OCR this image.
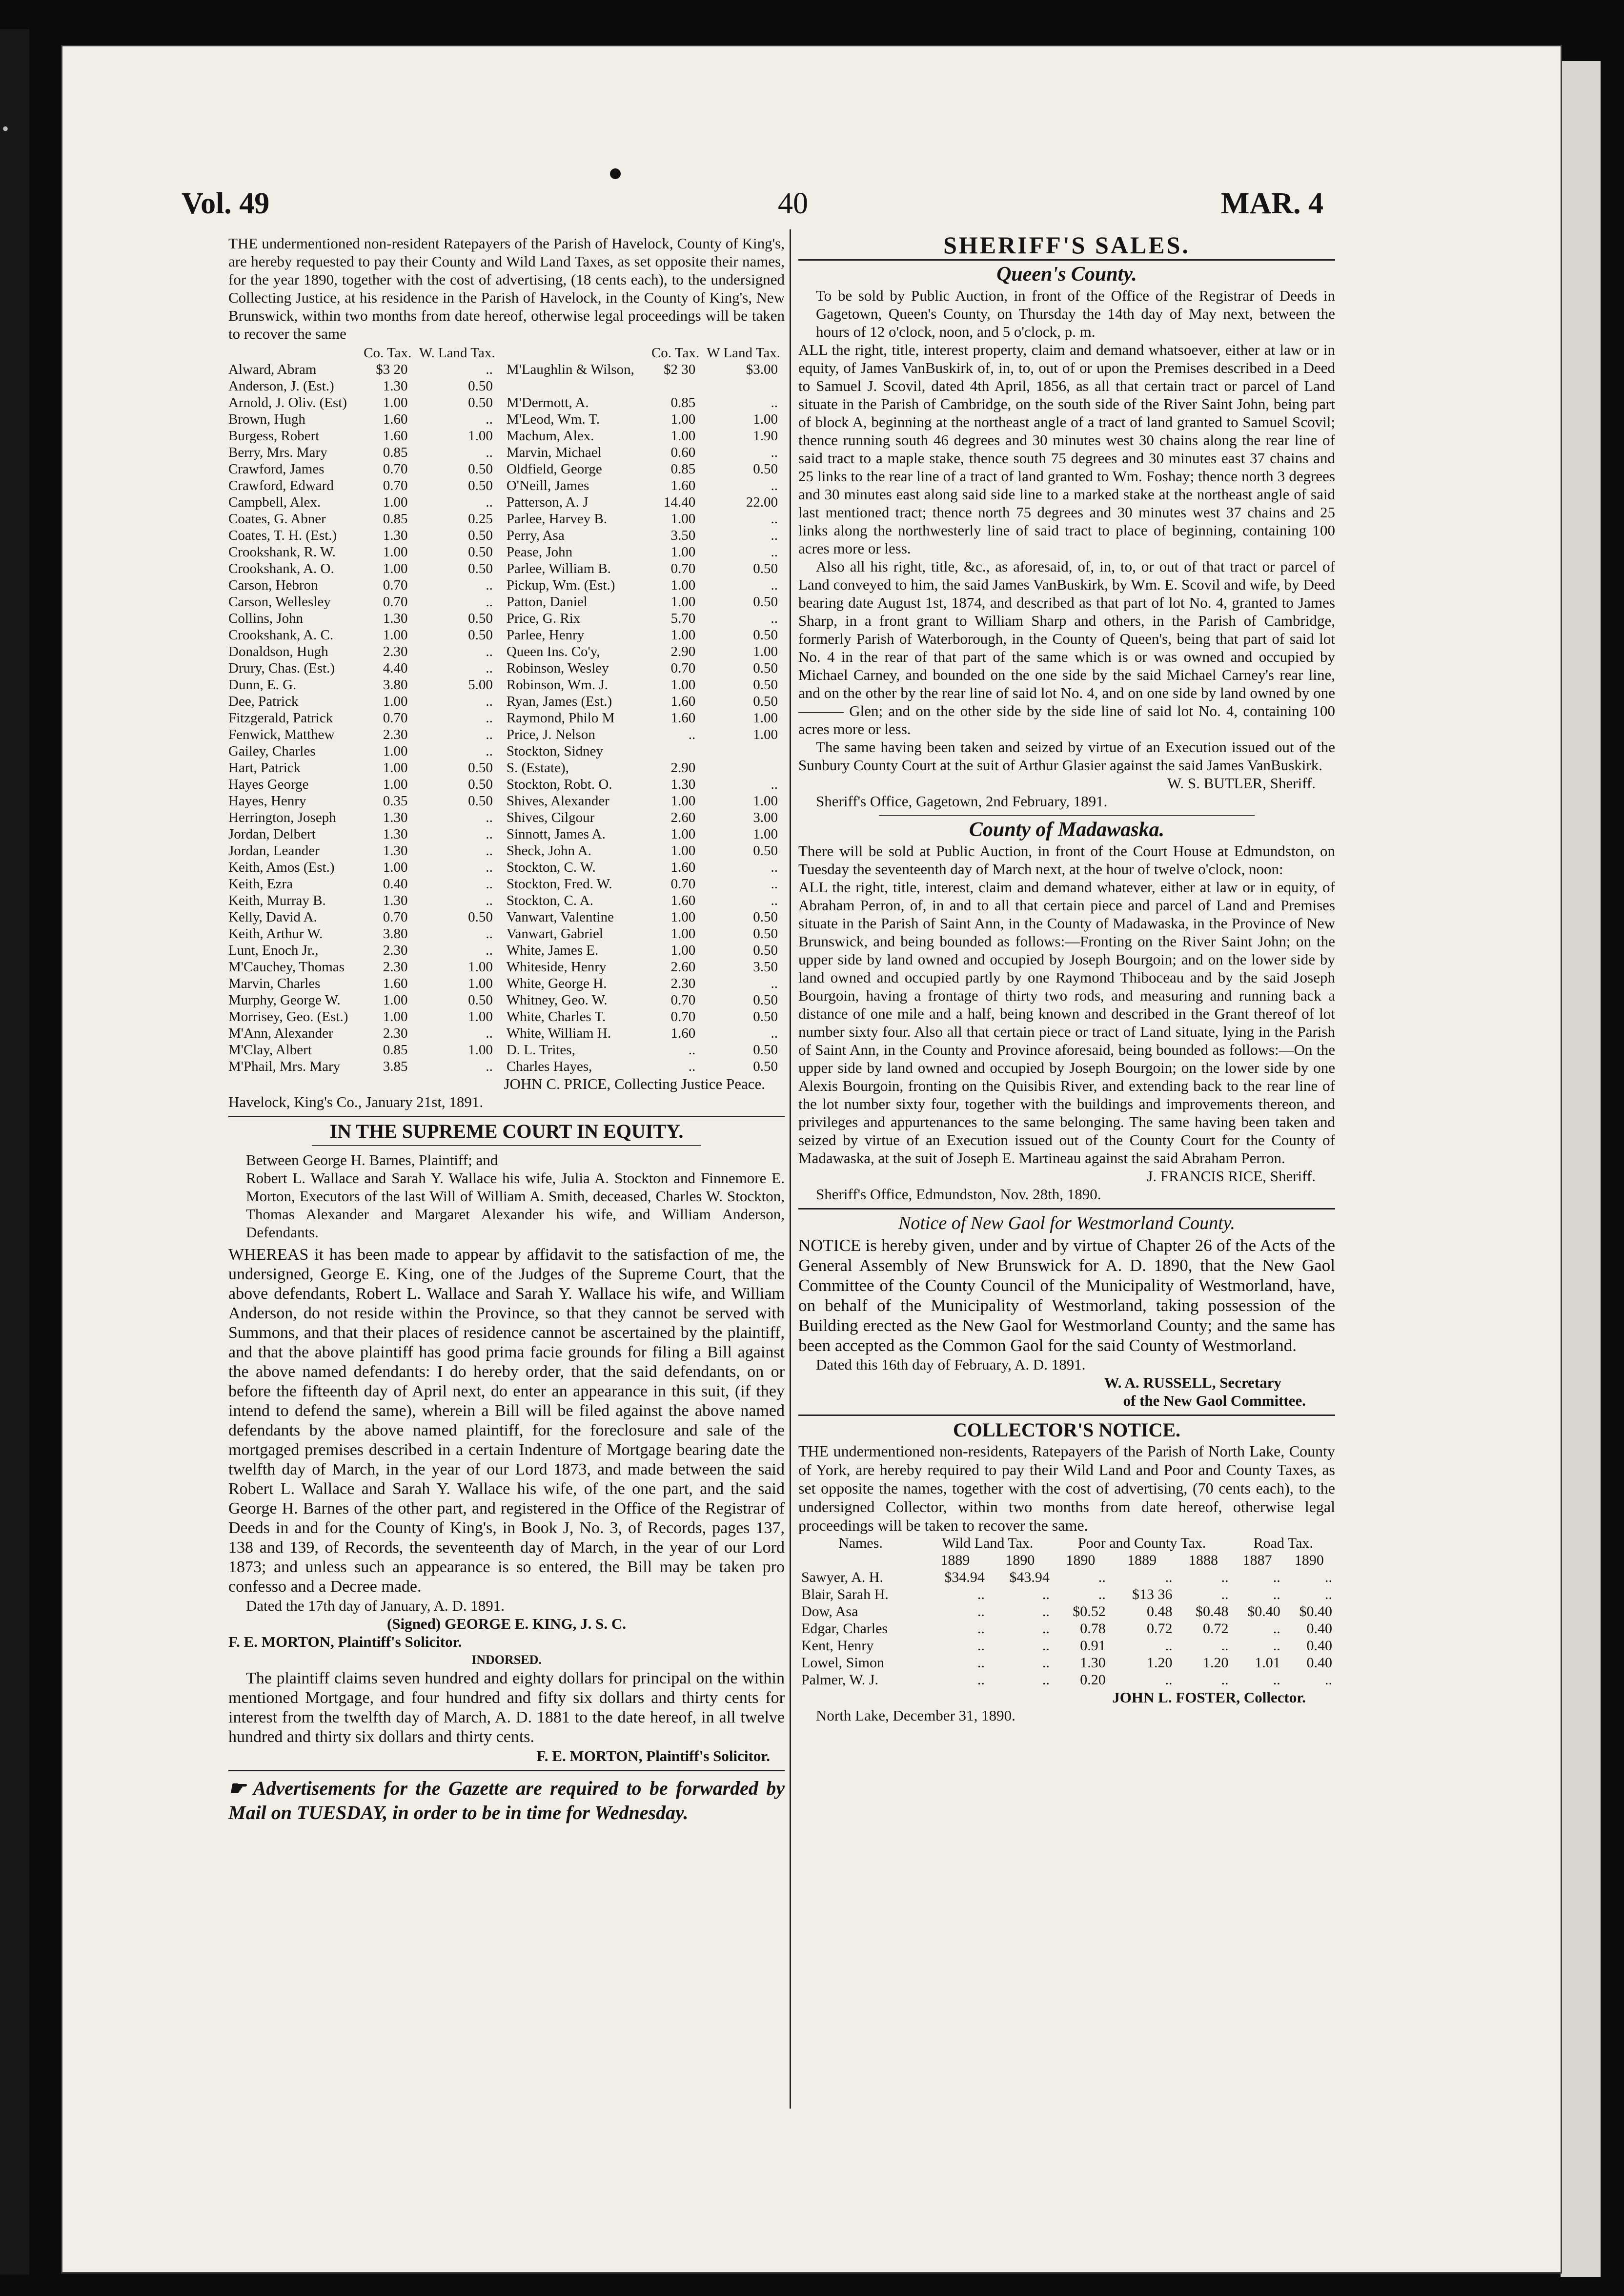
•
Vol. 49	40	MAR. 4

THE undermentioned non-resident Ratepayers of the Parish of Havelock, County of King's, are hereby requested to pay their County and Wild Land Taxes, as set opposite their names, for the year 1890, together with the cost of advertising, (18 cents each), to the undersigned Collecting Justice, at his residence in the Parish of Havelock, in the County of King's, New Brunswick, within two months from date hereof, otherwise legal proceedings will be taken to recover the same

	Co. Tax.	W. Land Tax.		Co. Tax.	W Land Tax.
Alward, Abram	$3 20	..	M'Laughlin & Wilson,	$2 30	$3.00
Anderson, J. (Est.)	1.30	0.50			
Arnold, J. Oliv. (Est)	1.00	0.50	M'Dermott, A.	0.85	..
Brown, Hugh	1.60	..	M'Leod, Wm. T.	1.00	1.00
Burgess, Robert	1.60	1.00	Machum, Alex.	1.00	1.90
Berry, Mrs. Mary	0.85	..	Marvin, Michael	0.60	..
Crawford, James	0.70	0.50	Oldfield, George	0.85	0.50
Crawford, Edward	0.70	0.50	O'Neill, James	1.60	..
Campbell, Alex.	1.00	..	Patterson, A. J	14.40	22.00
Coates, G. Abner	0.85	0.25	Parlee, Harvey B.	1.00	..
Coates, T. H. (Est.)	1.30	0.50	Perry, Asa	3.50	..
Crookshank, R. W.	1.00	0.50	Pease, John	1.00	..
Crookshank, A. O.	1.00	0.50	Parlee, William B.	0.70	0.50
Carson, Hebron	0.70	..	Pickup, Wm. (Est.)	1.00	..
Carson, Wellesley	0.70	..	Patton, Daniel	1.00	0.50
Collins, John	1.30	0.50	Price, G. Rix	5.70	..
Crookshank, A. C.	1.00	0.50	Parlee, Henry	1.00	0.50
Donaldson, Hugh	2.30	..	Queen Ins. Co'y,	2.90	1.00
Drury, Chas. (Est.)	4.40	..	Robinson, Wesley	0.70	0.50
Dunn, E. G.	3.80	5.00	Robinson, Wm. J.	1.00	0.50
Dee, Patrick	1.00	..	Ryan, James (Est.)	1.60	0.50
Fitzgerald, Patrick	0.70	..	Raymond, Philo M	1.60	1.00
Fenwick, Matthew	2.30	..	Price, J. Nelson	..	1.00
Gailey, Charles	1.00	..	Stockton, Sidney		
Hart, Patrick	1.00	0.50	S. (Estate),	2.90	
Hayes George	1.00	0.50	Stockton, Robt. O.	1.30	..
Hayes, Henry	0.35	0.50	Shives, Alexander	1.00	1.00
Herrington, Joseph	1.30	..	Shives, Cilgour	2.60	3.00
Jordan, Delbert	1.30	..	Sinnott, James A.	1.00	1.00
Jordan, Leander	1.30	..	Sheck, John A.	1.00	0.50
Keith, Amos (Est.)	1.00	..	Stockton, C. W.	1.60	..
Keith, Ezra	0.40	..	Stockton, Fred. W.	0.70	..
Keith, Murray B.	1.30	..	Stockton, C. A.	1.60	..
Kelly, David A.	0.70	0.50	Vanwart, Valentine	1.00	0.50
Keith, Arthur W.	3.80	..	Vanwart, Gabriel	1.00	0.50
Lunt, Enoch Jr.,	2.30	..	White, James E.	1.00	0.50
M'Cauchey, Thomas	2.30	1.00	Whiteside, Henry	2.60	3.50
Marvin, Charles	1.60	1.00	White, George H.	2.30	..
Murphy, George W.	1.00	0.50	Whitney, Geo. W.	0.70	0.50
Morrisey, Geo. (Est.)	1.00	1.00	White, Charles T.	0.70	0.50
M'Ann, Alexander	2.30	..	White, William H.	1.60	..
M'Clay, Albert	0.85	1.00	D. L. Trites,	..	0.50
M'Phail, Mrs. Mary	3.85	..	Charles Hayes,	..	0.50

JOHN C. PRICE, Collecting Justice Peace.

Havelock, King's Co., January 21st, 1891.

IN THE SUPREME COURT IN EQUITY.

Between George H. Barnes, Plaintiff; and

Robert L. Wallace and Sarah Y. Wallace his wife, Julia A. Stockton and Finnemore E. Morton, Executors of the last Will of William A. Smith, deceased, Charles W. Stockton, Thomas Alexander and Margaret Alexander his wife, and William Anderson, Defendants.

WHEREAS it has been made to appear by affidavit to the satisfaction of me, the undersigned, George E. King, one of the Judges of the Supreme Court, that the above defendants, Robert L. Wallace and Sarah Y. Wallace his wife, and William Anderson, do not reside within the Province, so that they cannot be served with Summons, and that their places of residence cannot be ascertained by the plaintiff, and that the above plaintiff has good prima facie grounds for filing a Bill against the above named defendants: I do hereby order, that the said defendants, on or before the fifteenth day of April next, do enter an appearance in this suit, (if they intend to defend the same), wherein a Bill will be filed against the above named defendants by the above named plaintiff, for the foreclosure and sale of the mortgaged premises described in a certain Indenture of Mortgage bearing date the twelfth day of March, in the year of our Lord 1873, and made between the said Robert L. Wallace and Sarah Y. Wallace his wife, of the one part, and the said George H. Barnes of the other part, and registered in the Office of the Registrar of Deeds in and for the County of King's, in Book J, No. 3, of Records, pages 137, 138 and 139, of Records, the seventeenth day of March, in the year of our Lord 1873; and unless such an appearance is so entered, the Bill may be taken pro confesso and a Decree made.

Dated the 17th day of January, A. D. 1891.

(Signed) GEORGE E. KING, J. S. C.

F. E. MORTON, Plaintiff's Solicitor.

INDORSED.

The plaintiff claims seven hundred and eighty dollars for principal on the within mentioned Mortgage, and four hundred and fifty six dollars and thirty cents for interest from the twelfth day of March, A. D. 1881 to the date hereof, in all twelve hundred and thirty six dollars and thirty cents.

F. E. MORTON, Plaintiff's Solicitor.

☛ Advertisements for the Gazette are required to be forwarded by Mail on TUESDAY, in order to be in time for Wednesday.

SHERIFF'S SALES.
Queen's County.

To be sold by Public Auction, in front of the Office of the Registrar of Deeds in Gagetown, Queen's County, on Thursday the 14th day of May next, between the hours of 12 o'clock, noon, and 5 o'clock, p. m.

ALL the right, title, interest property, claim and demand whatsoever, either at law or in equity, of James VanBuskirk of, in, to, out of or upon the Premises described in a Deed to Samuel J. Scovil, dated 4th April, 1856, as all that certain tract or parcel of Land situate in the Parish of Cambridge, on the south side of the River Saint John, being part of block A, beginning at the northeast angle of a tract of land granted to Samuel Scovil; thence running south 46 degrees and 30 minutes west 30 chains along the rear line of said tract to a maple stake, thence south 75 degrees and 30 minutes east 37 chains and 25 links to the rear line of a tract of land granted to Wm. Foshay; thence north 3 degrees and 30 minutes east along said side line to a marked stake at the northeast angle of said last mentioned tract; thence north 75 degrees and 30 minutes west 37 chains and 25 links along the northwesterly line of said tract to place of beginning, containing 100 acres more or less.

Also all his right, title, &c., as aforesaid, of, in, to, or out of that tract or parcel of Land conveyed to him, the said James VanBuskirk, by Wm. E. Scovil and wife, by Deed bearing date August 1st, 1874, and described as that part of lot No. 4, granted to James Sharp, in a front grant to William Sharp and others, in the Parish of Cambridge, formerly Parish of Waterborough, in the County of Queen's, being that part of said lot No. 4 in the rear of that part of the same which is or was owned and occupied by Michael Carney, and bounded on the one side by the said Michael Carney's rear line, and on the other by the rear line of said lot No. 4, and on one side by land owned by one ——— Glen; and on the other side by the side line of said lot No. 4, containing 100 acres more or less.

The same having been taken and seized by virtue of an Execution issued out of the Sunbury County Court at the suit of Arthur Glasier against the said James VanBuskirk.

W. S. BUTLER, Sheriff.

Sheriff's Office, Gagetown, 2nd February, 1891.

County of Madawaska.

There will be sold at Public Auction, in front of the Court House at Edmundston, on Tuesday the seventeenth day of March next, at the hour of twelve o'clock, noon:

ALL the right, title, interest, claim and demand whatever, either at law or in equity, of Abraham Perron, of, in and to all that certain piece and parcel of Land and Premises situate in the Parish of Saint Ann, in the County of Madawaska, in the Province of New Brunswick, and being bounded as follows:—Fronting on the River Saint John; on the upper side by land owned and occupied by Joseph Bourgoin; and on the lower side by land owned and occupied partly by one Raymond Thiboceau and by the said Joseph Bourgoin, having a frontage of thirty two rods, and measuring and running back a distance of one mile and a half, being known and described in the Grant thereof of lot number sixty four. Also all that certain piece or tract of Land situate, lying in the Parish of Saint Ann, in the County and Province aforesaid, being bounded as follows:—On the upper side by land owned and occupied by Joseph Bourgoin; on the lower side by one Alexis Bourgoin, fronting on the Quisibis River, and extending back to the rear line of the lot number sixty four, together with the buildings and improvements thereon, and privileges and appurtenances to the same belonging. The same having been taken and seized by virtue of an Execution issued out of the County Court for the County of Madawaska, at the suit of Joseph E. Martineau against the said Abraham Perron.

J. FRANCIS RICE, Sheriff.

Sheriff's Office, Edmundston, Nov. 28th, 1890.

Notice of New Gaol for Westmorland County.

NOTICE is hereby given, under and by virtue of Chapter 26 of the Acts of the General Assembly of New Brunswick for A. D. 1890, that the New Gaol Committee of the County Council of the Municipality of Westmorland, have, on behalf of the Municipality of Westmorland, taking possession of the Building erected as the New Gaol for Westmorland County; and the same has been accepted as the Common Gaol for the said County of Westmorland.

Dated this 16th day of February, A. D. 1891.

W. A. RUSSELL, Secretary

of the New Gaol Committee.

COLLECTOR'S NOTICE.

THE undermentioned non-residents, Ratepayers of the Parish of North Lake, County of York, are hereby required to pay their Wild Land and Poor and County Taxes, as set opposite the names, together with the cost of advertising, (70 cents each), to the undersigned Collector, within two months from date hereof, otherwise legal proceedings will be taken to recover the same.

Names.	Wild Land Tax.		Poor and County Tax.			Road Tax.	
	1889	1890	1890	1889	1888	1887	1890
Sawyer, A. H.	$34.94	$43.94	..	..	..	..	..
Blair, Sarah H.	..	..	..	$13 36	..	..	..
Dow, Asa	..	..	$0.52	0.48	$0.48	$0.40	$0.40
Edgar, Charles	..	..	0.78	0.72	0.72	..	0.40
Kent, Henry	..	..	0.91	..	..	..	0.40
Lowel, Simon	..	..	1.30	1.20	1.20	1.01	0.40
Palmer, W. J.	..	..	0.20	..	..	..	..

JOHN L. FOSTER, Collector.

North Lake, December 31, 1890.
